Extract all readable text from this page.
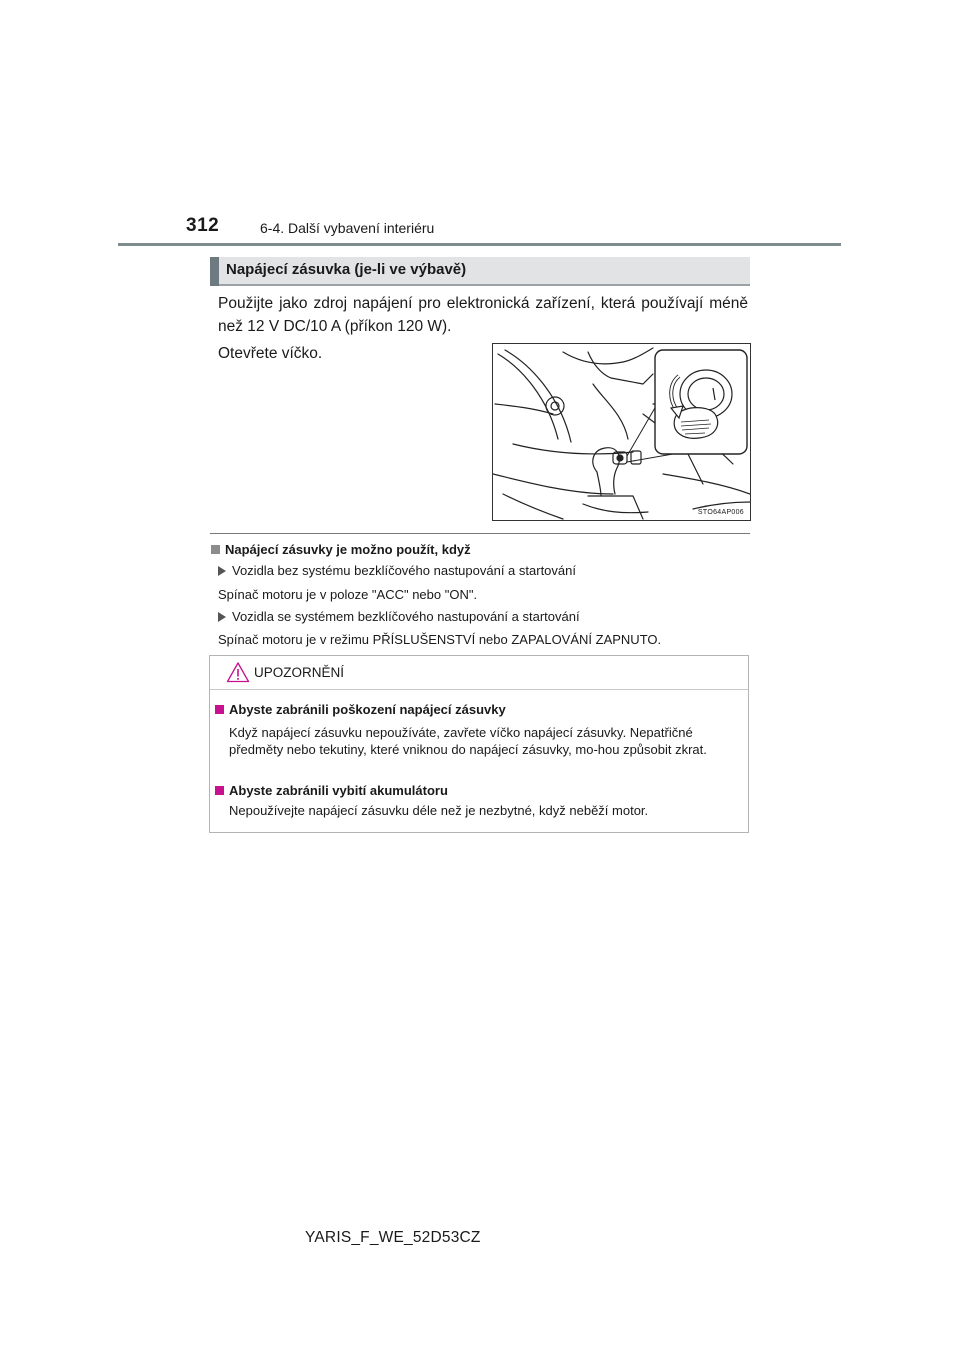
312	6-4. Další vybavení interiéru
Napájecí zásuvka (je-li ve výbavě)
Použijte jako zdroj napájení pro elektronická zařízení, která používají méně než 12 V DC/10 A (příkon 120 W).
Otevřete víčko.
STO64AP006
Napájecí zásuvky je možno použít, když
Vozidla bez systému bezklíčového nastupování a startování
Spínač motoru je v poloze "ACC" nebo "ON".
Vozidla se systémem bezklíčového nastupování a startování
Spínač motoru je v režimu PŘÍSLUŠENSTVÍ nebo ZAPALOVÁNÍ ZAPNUTO.
UPOZORNĚNÍ
Abyste zabránili poškození napájecí zásuvky
Když napájecí zásuvku nepoužíváte, zavřete víčko napájecí zásuvky. Nepatřičné předměty nebo tekutiny, které vniknou do napájecí zásuvky, mo-hou způsobit zkrat.
Abyste zabránili vybití akumulátoru
Nepoužívejte napájecí zásuvku déle než je nezbytné, když neběží motor.
YARIS_F_WE_52D53CZ
